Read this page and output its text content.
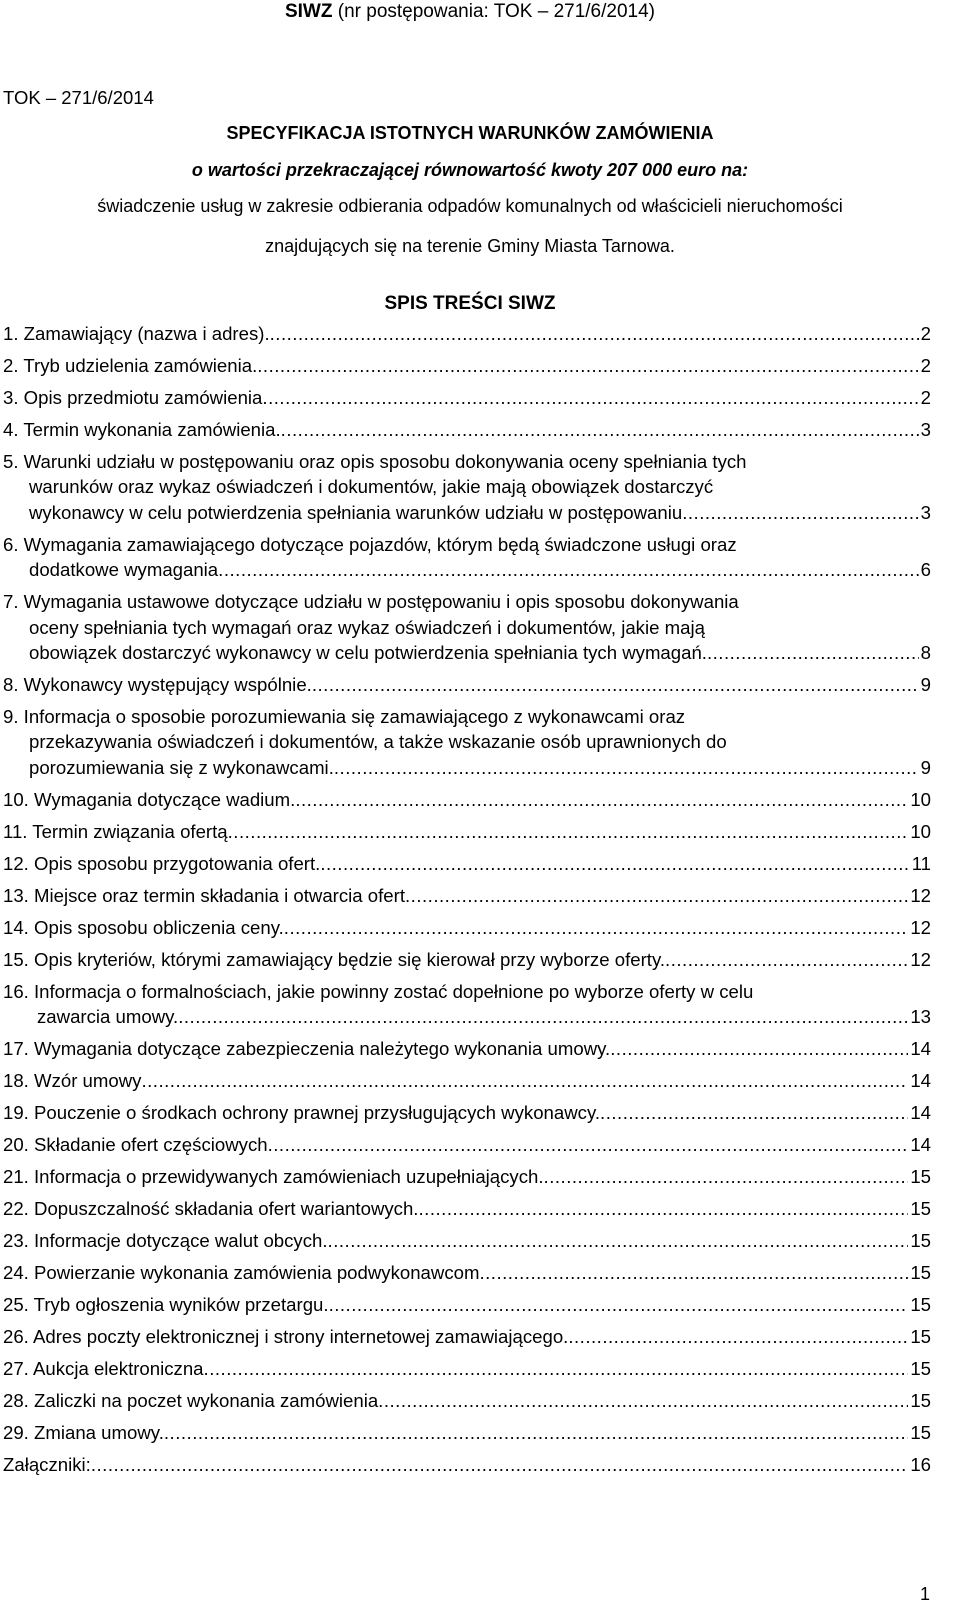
SIWZ (nr postępowania: TOK – 271/6/2014)
TOK – 271/6/2014
SPECYFIKACJA ISTOTNYCH WARUNKÓW ZAMÓWIENIA
o wartości przekraczającej równowartość kwoty 207 000 euro na:
świadczenie usług w zakresie odbierania odpadów komunalnych od właścicieli nieruchomości
znajdujących się na terenie Gminy Miasta Tarnowa.
SPIS TREŚCI SIWZ
1. Zamawiający (nazwa i adres). .....	2
2. Tryb udzielenia zamówienia. .....	2
3. Opis przedmiotu zamówienia .....	2
4. Termin wykonania zamówienia. .....	3
5. Warunki udziału w postępowaniu oraz opis sposobu dokonywania oceny spełniania tych
warunków oraz wykaz oświadczeń i dokumentów, jakie mają obowiązek dostarczyć
wykonawcy w celu potwierdzenia spełniania warunków udziału w postępowaniu .....	3
6. Wymagania zamawiającego dotyczące pojazdów, którym będą świadczone usługi oraz
dodatkowe wymagania .....	6
7. Wymagania ustawowe dotyczące udziału w postępowaniu i opis sposobu dokonywania
oceny spełniania tych wymagań oraz wykaz oświadczeń i dokumentów, jakie mają
obowiązek dostarczyć wykonawcy w celu potwierdzenia spełniania tych wymagań. .....	8
8. Wykonawcy występujący wspólnie. .....	9
9. Informacja o sposobie porozumiewania się zamawiającego z wykonawcami oraz
przekazywania oświadczeń i dokumentów, a także wskazanie osób uprawnionych do
porozumiewania się z wykonawcami. .....	9
10. Wymagania dotyczące wadium. .....	10
11. Termin związania ofertą .....	10
12. Opis sposobu przygotowania ofert. .....	11
13. Miejsce oraz termin składania i otwarcia ofert .....	12
14. Opis sposobu obliczenia ceny. .....	12
15. Opis kryteriów, którymi zamawiający będzie się kierował przy wyborze oferty. .....	12
16. Informacja o formalnościach, jakie powinny zostać dopełnione po wyborze oferty w celu
zawarcia umowy. .....	13
17. Wymagania dotyczące zabezpieczenia należytego wykonania umowy. .....	14
18. Wzór umowy .....	14
19. Pouczenie o środkach ochrony prawnej przysługujących wykonawcy. .....	14
20. Składanie ofert częściowych .....	14
21. Informacja o przewidywanych zamówieniach uzupełniających. .....	15
22. Dopuszczalność składania ofert wariantowych. .....	15
23. Informacje dotyczące walut obcych. .....	15
24. Powierzanie wykonania zamówienia podwykonawcom .....	15
25. Tryb ogłoszenia wyników przetargu. .....	15
26. Adres poczty elektronicznej i strony internetowej zamawiającego. .....	15
27. Aukcja elektroniczna .....	15
28. Zaliczki na poczet wykonania zamówienia .....	15
29. Zmiana umowy. .....	15
Załączniki: .....	16
1
